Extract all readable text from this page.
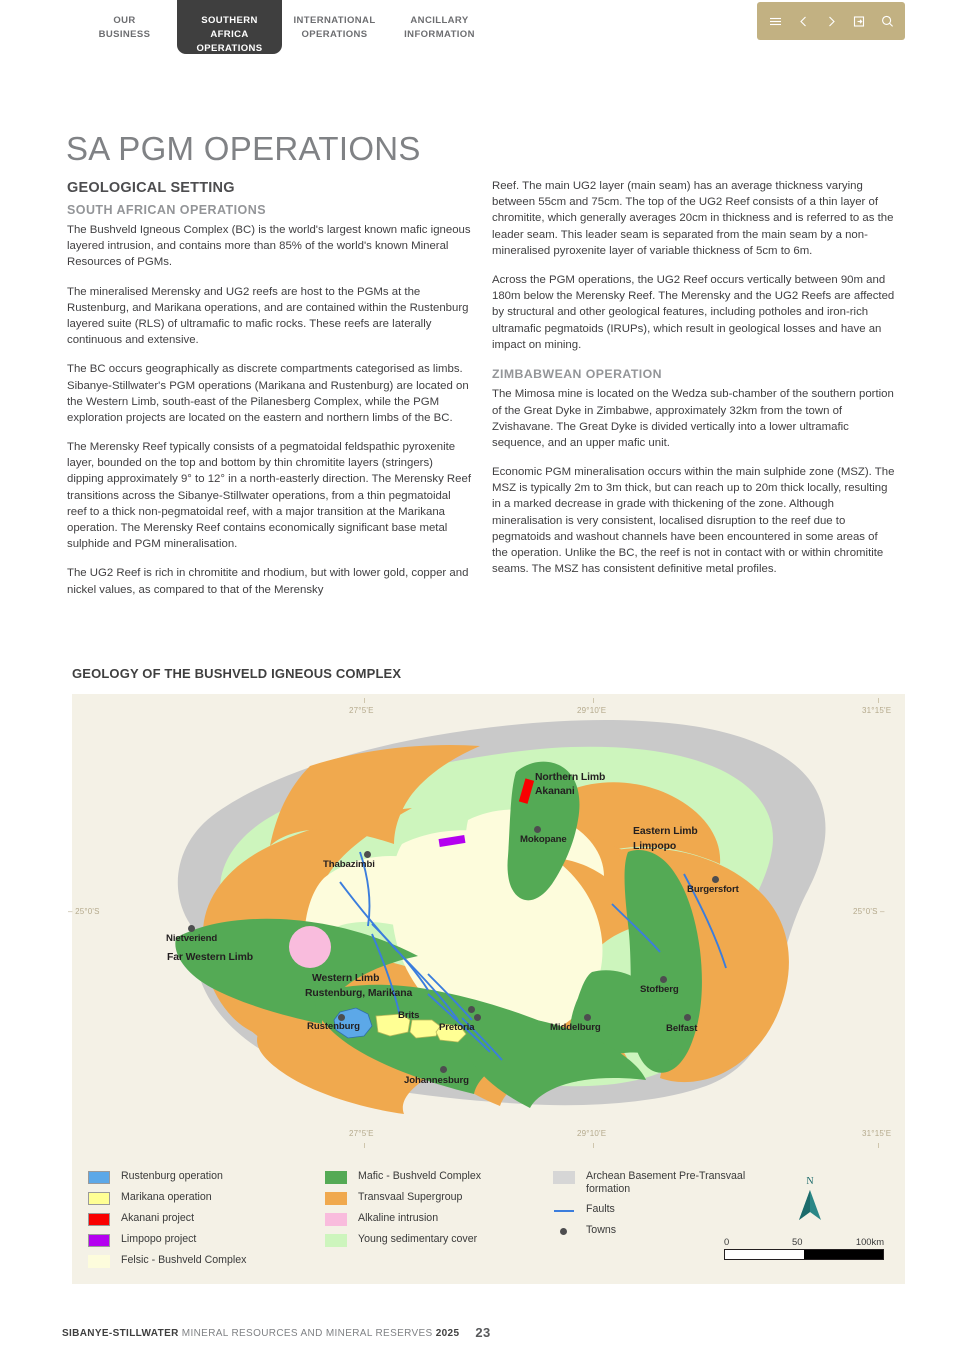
OUR
BUSINESS
SOUTHERN AFRICA
OPERATIONS
INTERNATIONAL
OPERATIONS
ANCILLARY
INFORMATION
SA PGM OPERATIONS
GEOLOGICAL SETTING
SOUTH AFRICAN OPERATIONS

The Bushveld Igneous Complex (BC) is the world's largest known mafic igneous layered intrusion, and contains more than 85% of the world's known Mineral Resources of PGMs.

The mineralised Merensky and UG2 reefs are host to the PGMs at the Rustenburg, and Marikana operations, and are contained within the Rustenburg layered suite (RLS) of ultramafic to mafic rocks. These reefs are laterally continuous and extensive.

The BC occurs geographically as discrete compartments categorised as limbs. Sibanye-Stillwater's PGM operations (Marikana and Rustenburg) are located on the Western Limb, south-east of the Pilanesberg Complex, while the PGM exploration projects are located on the eastern and northern limbs of the BC.

The Merensky Reef typically consists of a pegmatoidal feldspathic pyroxenite layer, bounded on the top and bottom by thin chromitite layers (stringers) dipping approximately 9° to 12° in a north-easterly direction. The Merensky Reef transitions across the Sibanye-Stillwater operations, from a thin pegmatoidal reef to a thick non-pegmatoidal reef, with a major transition at the Marikana operation. The Merensky Reef contains economically significant base metal sulphide and PGM mineralisation.

The UG2 Reef is rich in chromitite and rhodium, but with lower gold, copper and nickel values, as compared to that of the Merensky

Reef. The main UG2 layer (main seam) has an average thickness varying between 55cm and 75cm. The top of the UG2 Reef consists of a thin layer of chromitite, which generally averages 20cm in thickness and is referred to as the leader seam. This leader seam is separated from the main seam by a non-mineralised pyroxenite layer of variable thickness of 5cm to 6m.

Across the PGM operations, the UG2 Reef occurs vertically between 90m and 180m below the Merensky Reef. The Merensky and the UG2 Reefs are affected by structural and other geological features, including potholes and iron-rich ultramafic pegmatoids (IRUPs), which result in geological losses and have an impact on mining.

ZIMBABWEAN OPERATION

The Mimosa mine is located on the Wedza sub-chamber of the southern portion of the Great Dyke in Zimbabwe, approximately 32km from the town of Zvishavane. The Great Dyke is divided vertically into a lower ultramafic sequence, and an upper mafic unit.

Economic PGM mineralisation occurs within the main sulphide zone (MSZ). The MSZ is typically 2m to 3m thick, but can reach up to 20m thick locally, resulting in a marked decrease in grade with thickening of the zone. Although mineralisation is very consistent, localised disruption to the reef due to pegmatoids and washout channels have been encountered in some areas of the operation. Unlike the BC, the reef is not in contact with or within chromitite seams. The MSZ has consistent definitive metal profiles.

GEOLOGY OF THE BUSHVELD IGNEOUS COMPLEX
27°5'E	29°10'E	31°15'E
– 25°0'S	25°0'S –
27°5'E	29°10'E	31°15'E
Mokopane
Thabazimbi
Burgersfort
Nietveriend
Stofberg
Rustenburg
Brits
Pretoria	Middelburg	Belfast
Johannesburg
Northern Limb
Akanani
Eastern Limb
Limpopo
Far Western Limb
Western Limb
Rustenburg, Marikana
Rustenburg operation
Marikana operation
Akanani project
Limpopo project
Felsic - Bushveld Complex
Mafic - Bushveld Complex
Transvaal Supergroup
Alkaline intrusion
Young sedimentary cover
Archean Basement Pre-Transvaal formation
Faults
Towns
N
0	50	100km
SIBANYE-STILLWATER MINERAL RESOURCES AND MINERAL RESERVES 2025 23
